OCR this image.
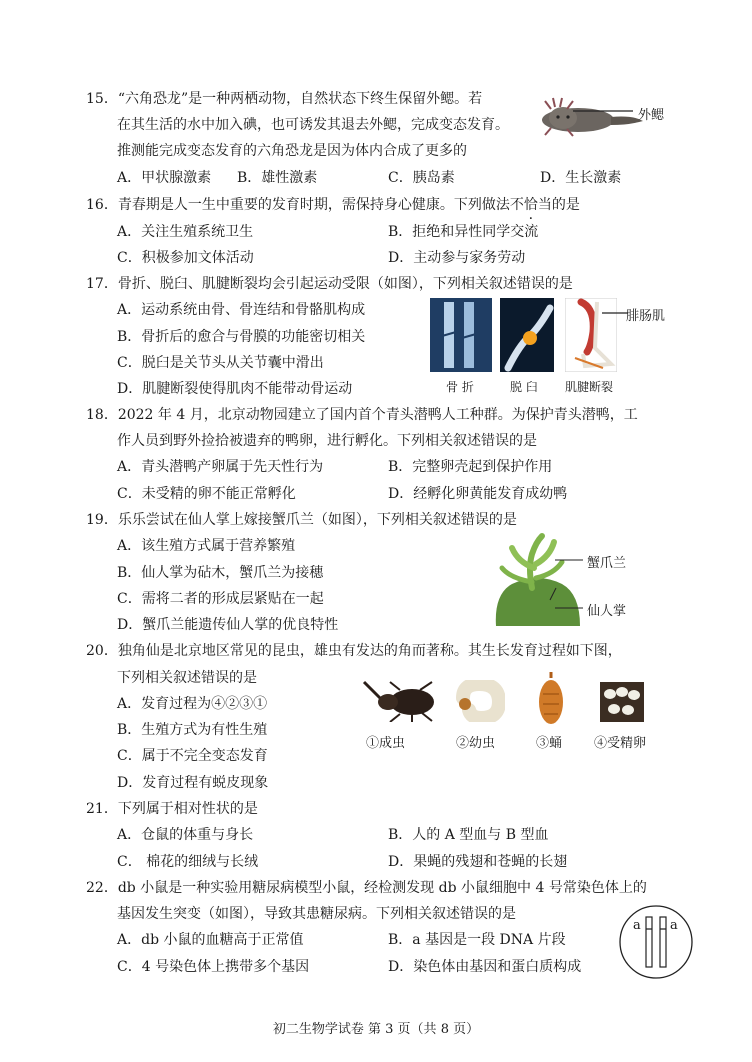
15．“六角恐龙”是一种两栖动物，自然状态下终生保留外鳃。若
在其生活的水中加入碘，也可诱发其退去外鳃，完成变态发育。
推测能完成变态发育的六角恐龙是因为体内合成了更多的
A．甲状腺激素 B．雄性激素	C．胰岛素	D．生长激素
外鳃
16．青春期是人一生中重要的发育时期，需保持身心健康。下列做法不恰当的是
A．关注生殖系统卫生	B．拒绝和异性同学交流
C．积极参加文体活动	D．主动参与家务劳动
17．骨折、脱臼、肌腱断裂均会引起运动受限（如图），下列相关叙述错误的是
A．运动系统由骨、骨连结和骨骼肌构成
B．骨折后的愈合与骨膜的功能密切相关
C．脱臼是关节头从关节囊中滑出
D．肌腱断裂使得肌肉不能带动骨运动
腓肠肌
骨 折	脱 臼 肌腱断裂
18．2022 年 4 月，北京动物园建立了国内首个青头潜鸭人工种群。为保护青头潜鸭，工
作人员到野外捡拾被遗弃的鸭卵，进行孵化。下列相关叙述错误的是
A．青头潜鸭产卵属于先天性行为	B．完整卵壳起到保护作用
C．未受精的卵不能正常孵化	D．经孵化卵黄能发育成幼鸭
19．乐乐尝试在仙人掌上嫁接蟹爪兰（如图），下列相关叙述错误的是
A．该生殖方式属于营养繁殖
B．仙人掌为砧木，蟹爪兰为接穗
C．需将二者的形成层紧贴在一起
D．蟹爪兰能遗传仙人掌的优良特性
蟹爪兰
仙人掌
20．独角仙是北京地区常见的昆虫，雄虫有发达的角而著称。其生长发育过程如下图，
下列相关叙述错误的是
A．发育过程为④②③①
B．生殖方式为有性生殖
C．属于不完全变态发育
D．发育过程有蜕皮现象
①成虫	②幼虫	③蛹 ④受精卵
21．下列属于相对性状的是
A．仓鼠的体重与身长	B．人的 A 型血与 B 型血
C． 棉花的细绒与长绒	D．果蝇的残翅和苍蝇的长翅
22．db 小鼠是一种实验用糖尿病模型小鼠，经检测发现 db 小鼠细胞中 4 号常染色体上的
基因发生突变（如图），导致其患糖尿病。下列相关叙述错误的是
A．db 小鼠的血糖高于正常值	B．a 基因是一段 DNA 片段
C．4 号染色体上携带多个基因	D．染色体由基因和蛋白质构成
a a
初二生物学试卷 第 3 页（共 8 页）
